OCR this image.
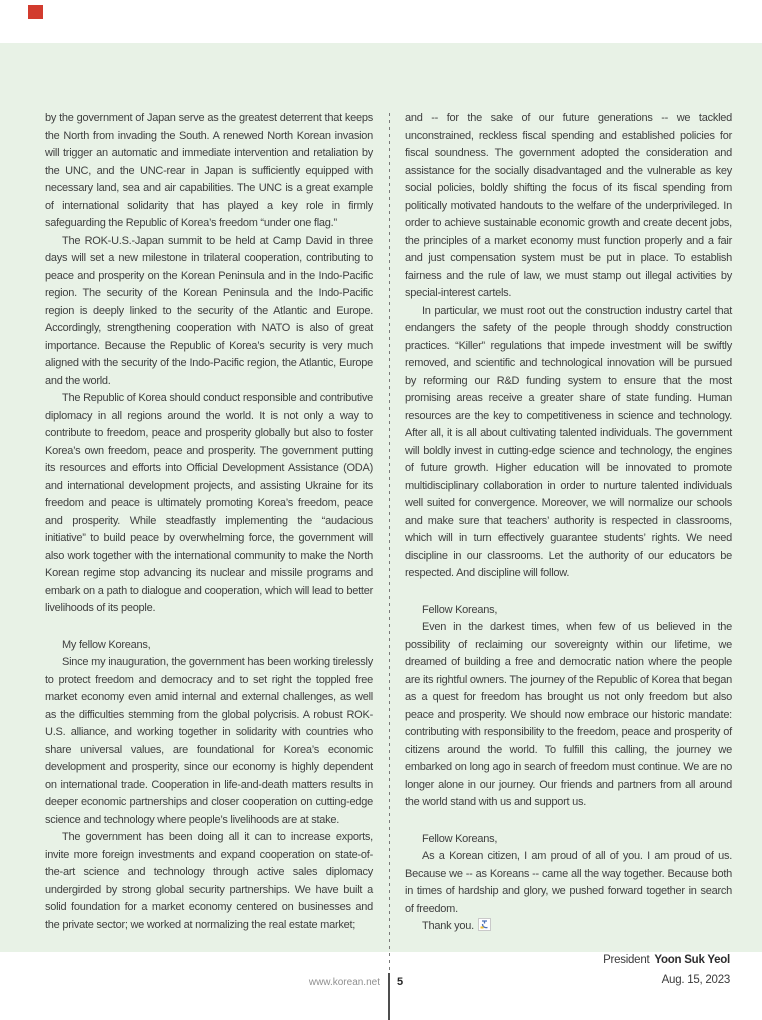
by the government of Japan serve as the greatest deterrent that keeps the North from invading the South. A renewed North Korean invasion will trigger an automatic and immediate intervention and retaliation by the UNC, and the UNC-rear in Japan is sufficiently equipped with necessary land, sea and air capabilities. The UNC is a great example of international solidarity that has played a key role in firmly safeguarding the Republic of Korea’s freedom “under one flag.”

The ROK-U.S.-Japan summit to be held at Camp David in three days will set a new milestone in trilateral cooperation, contributing to peace and prosperity on the Korean Peninsula and in the Indo-Pacific region. The security of the Korean Peninsula and the Indo-Pacific region is deeply linked to the security of the Atlantic and Europe. Accordingly, strengthening cooperation with NATO is also of great importance. Because the Republic of Korea’s security is very much aligned with the security of the Indo-Pacific region, the Atlantic, Europe and the world.

The Republic of Korea should conduct responsible and contributive diplomacy in all regions around the world. It is not only a way to contribute to freedom, peace and prosperity globally but also to foster Korea’s own freedom, peace and prosperity. The government putting its resources and efforts into Official Development Assistance (ODA) and international development projects, and assisting Ukraine for its freedom and peace is ultimately promoting Korea’s freedom, peace and prosperity. While steadfastly implementing the “audacious initiative” to build peace by overwhelming force, the government will also work together with the international community to make the North Korean regime stop advancing its nuclear and missile programs and embark on a path to dialogue and cooperation, which will lead to better livelihoods of its people.

My fellow Koreans,

Since my inauguration, the government has been working tirelessly to protect freedom and democracy and to set right the toppled free market economy even amid internal and external challenges, as well as the difficulties stemming from the global polycrisis. A robust ROK-U.S. alliance, and working together in solidarity with countries who share universal values, are foundational for Korea’s economic development and prosperity, since our economy is highly dependent on international trade. Cooperation in life-and-death matters results in deeper economic partnerships and closer cooperation on cutting-edge science and technology where people’s livelihoods are at stake.

The government has been doing all it can to increase exports, invite more foreign investments and expand cooperation on state-of-the-art science and technology through active sales diplomacy undergirded by strong global security partnerships. We have built a solid foundation for a market economy centered on businesses and the private sector; we worked at normalizing the real estate market;

and -- for the sake of our future generations -- we tackled unconstrained, reckless fiscal spending and established policies for fiscal soundness. The government adopted the consideration and assistance for the socially disadvantaged and the vulnerable as key social policies, boldly shifting the focus of its fiscal spending from politically motivated handouts to the welfare of the underprivileged. In order to achieve sustainable economic growth and create decent jobs, the principles of a market economy must function properly and a fair and just compensation system must be put in place. To establish fairness and the rule of law, we must stamp out illegal activities by special-interest cartels.

In particular, we must root out the construction industry cartel that endangers the safety of the people through shoddy construction practices. “Killer” regulations that impede investment will be swiftly removed, and scientific and technological innovation will be pursued by reforming our R&D funding system to ensure that the most promising areas receive a greater share of state funding. Human resources are the key to competitiveness in science and technology. After all, it is all about cultivating talented individuals. The government will boldly invest in cutting-edge science and technology, the engines of future growth. Higher education will be innovated to promote multidisciplinary collaboration in order to nurture talented individuals well suited for convergence. Moreover, we will normalize our schools and make sure that teachers’ authority is respected in classrooms, which will in turn effectively guarantee students’ rights. We need discipline in our classrooms. Let the authority of our educators be respected. And discipline will follow.

Fellow Koreans,

Even in the darkest times, when few of us believed in the possibility of reclaiming our sovereignty within our lifetime, we dreamed of building a free and democratic nation where the people are its rightful owners. The journey of the Republic of Korea that began as a quest for freedom has brought us not only freedom but also peace and prosperity. We should now embrace our historic mandate: contributing with responsibility to the freedom, peace and prosperity of citizens around the world. To fulfill this calling, the journey we embarked on long ago in search of freedom must continue. We are no longer alone in our journey. Our friends and partners from all around the world stand with us and support us.

Fellow Koreans,

As a Korean citizen, I am proud of all of you. I am proud of us. Because we -- as Koreans -- came all the way together. Because both in times of hardship and glory, we pushed forward together in search of freedom.

Thank you.

President Yoon Suk Yeol
Aug. 15, 2023
www.korean.net 5
